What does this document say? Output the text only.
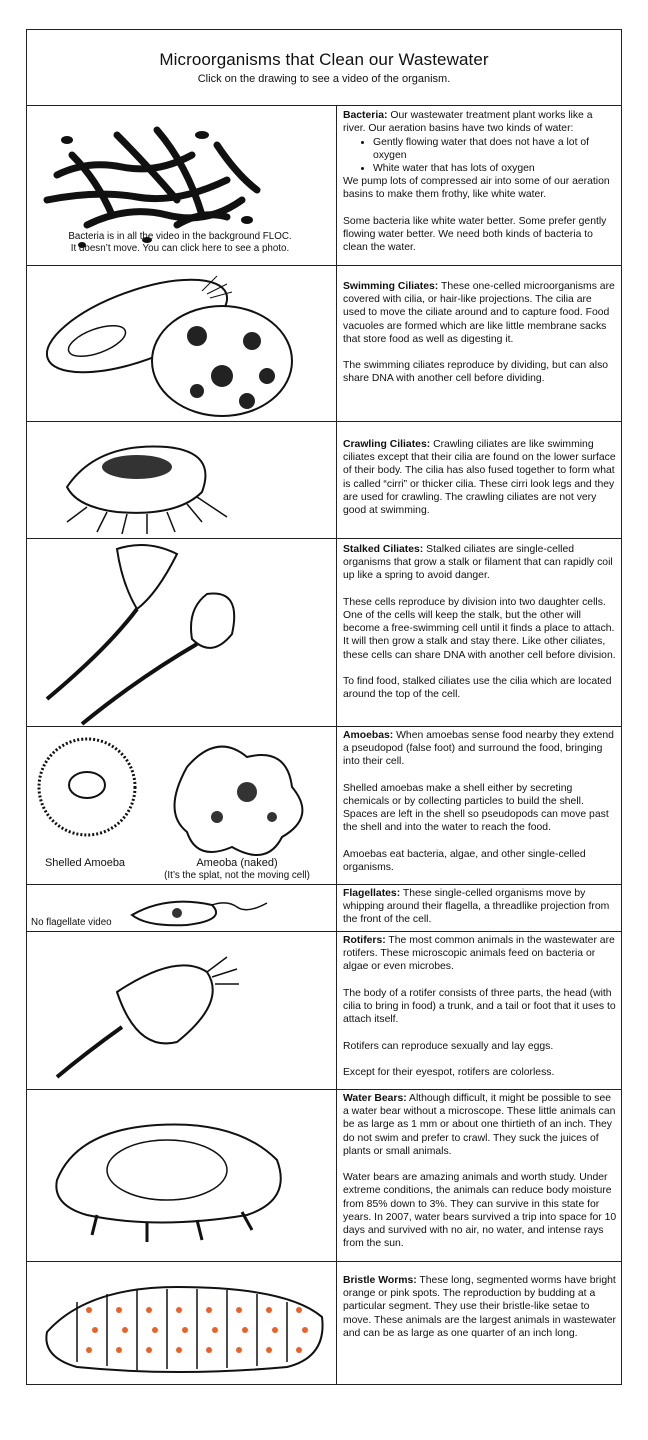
Microorganisms that Clean our Wastewater
Click on the drawing to see a video of the organism.
Bacteria is in all the video in the background FLOC.
It doesn’t move. You can click here to see a photo.

Bacteria: Our wastewater treatment plant works like a river. Our aeration basins have two kinds of water:

• Gently flowing water that does not have a lot of oxygen
• White water that has lots of oxygen

We pump lots of compressed air into some of our aeration basins to make them frothy, like white water.

Some bacteria like white water better. Some prefer gently flowing water better. We need both kinds of bacteria to clean the water.

Swimming Ciliates: These one-celled microorganisms are covered with cilia, or hair-like projections. The cilia are used to move the ciliate around and to capture food. Food vacuoles are formed which are like little membrane sacks that store food as well as digesting it.

The swimming ciliates reproduce by dividing, but can also share DNA with another cell before dividing.

Crawling Ciliates: Crawling ciliates are like swimming ciliates except that their cilia are found on the lower surface of their body. The cilia has also fused together to form what is called “cirri” or thicker cilia. These cirri look legs and they are used for crawling. The crawling ciliates are not very good at swimming.

Stalked Ciliates: Stalked ciliates are single-celled organisms that grow a stalk or filament that can rapidly coil up like a spring to avoid danger.

These cells reproduce by division into two daughter cells. One of the cells will keep the stalk, but the other will become a free-swimming cell until it finds a place to attach. It will then grow a stalk and stay there. Like other ciliates, these cells can share DNA with another cell before division.

To find food, stalked ciliates use the cilia which are located around the top of the cell.

Shelled Amoeba	Ameoba (naked)
(It’s the splat, not the moving cell)

Amoebas: When amoebas sense food nearby they extend a pseudopod (false foot) and surround the food, bringing into their cell.

Shelled amoebas make a shell either by secreting chemicals or by collecting particles to build the shell. Spaces are left in the shell so pseudopods can move past the shell and into the water to reach the food.

Amoebas eat bacteria, algae, and other single-celled organisms.

No flagellate video

Flagellates: These single-celled organisms move by whipping around their flagella, a threadlike projection from the front of the cell.

Rotifers: The most common animals in the wastewater are rotifers. These microscopic animals feed on bacteria or algae or even microbes.

The body of a rotifer consists of three parts, the head (with cilia to bring in food) a trunk, and a tail or foot that it uses to attach itself.

Rotifers can reproduce sexually and lay eggs.

Except for their eyespot, rotifers are colorless.

Water Bears: Although difficult, it might be possible to see a water bear without a microscope. These little animals can be as large as 1 mm or about one thirtieth of an inch. They do not swim and prefer to crawl. They suck the juices of plants or small animals.

Water bears are amazing animals and worth study. Under extreme conditions, the animals can reduce body moisture from 85% down to 3%. They can survive in this state for years. In 2007, water bears survived a trip into space for 10 days and survived with no air, no water, and intense rays from the sun.

Bristle Worms: These long, segmented worms have bright orange or pink spots. The reproduction by budding at a particular segment. They use their bristle-like setae to move. These animals are the largest animals in wastewater and can be as large as one quarter of an inch long.
